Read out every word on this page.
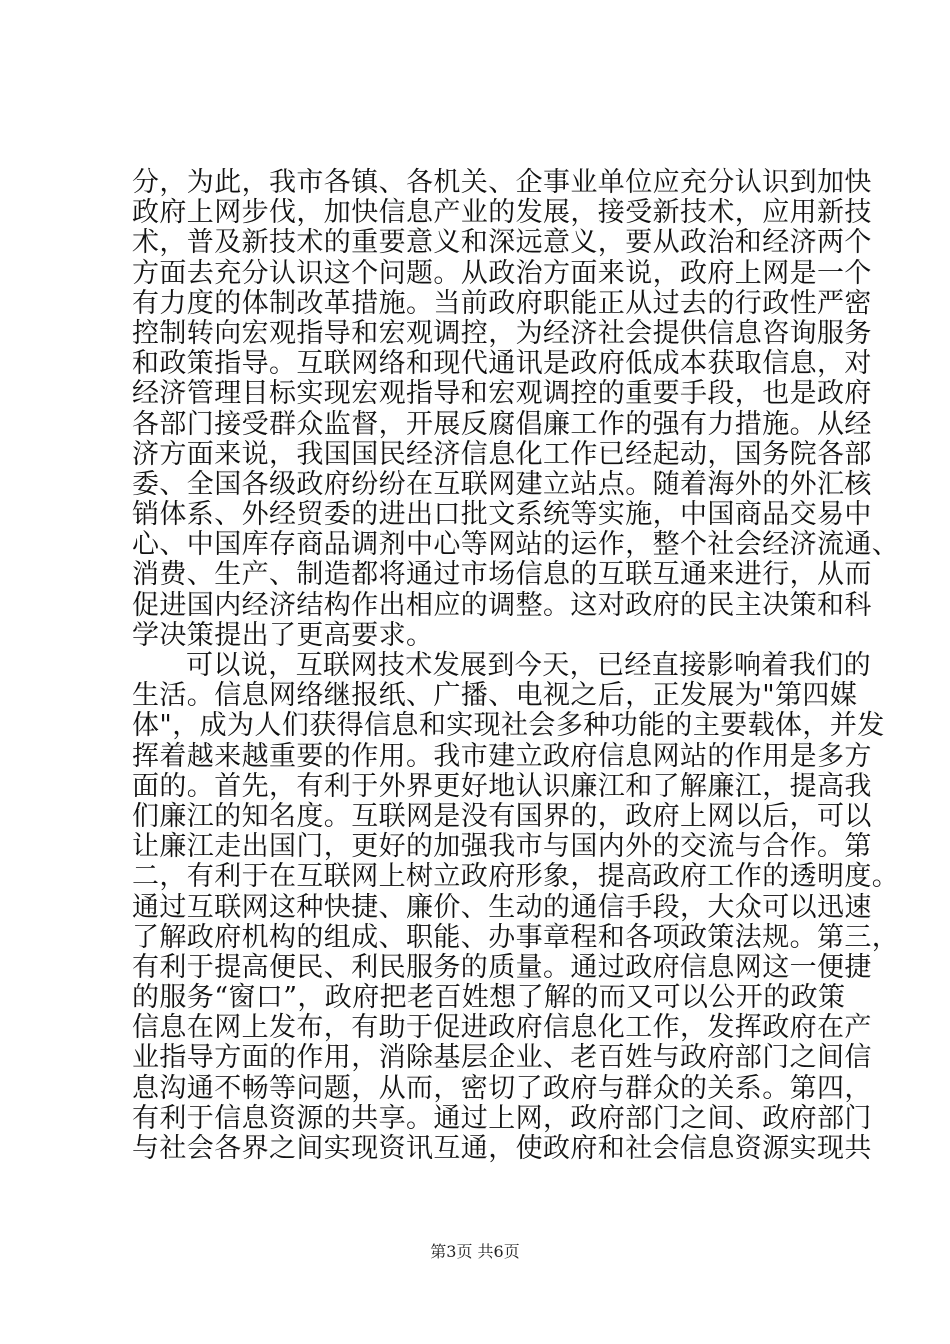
分，为此，我市各镇、各机关、企事业单位应充分认识到加快
政府上网步伐，加快信息产业的发展，接受新技术，应用新技
术，普及新技术的重要意义和深远意义，要从政治和经济两个
方面去充分认识这个问题。从政治方面来说，政府上网是一个
有力度的体制改革措施。当前政府职能正从过去的行政性严密
控制转向宏观指导和宏观调控，为经济社会提供信息咨询服务
和政策指导。互联网络和现代通讯是政府低成本获取信息，对
经济管理目标实现宏观指导和宏观调控的重要手段，也是政府
各部门接受群众监督，开展反腐倡廉工作的强有力措施。从经
济方面来说，我国国民经济信息化工作已经起动，国务院各部
委、全国各级政府纷纷在互联网建立站点。随着海外的外汇核
销体系、外经贸委的进出口批文系统等实施，中国商品交易中
心、中国库存商品调剂中心等网站的运作，整个社会经济流通、
消费、生产、制造都将通过市场信息的互联互通来进行，从而
促进国内经济结构作出相应的调整。这对政府的民主决策和科
学决策提出了更高要求。
可以说，互联网技术发展到今天，已经直接影响着我们的
生活。信息网络继报纸、广播、电视之后，正发展为"第四媒
体"，成为人们获得信息和实现社会多种功能的主要载体，并发
挥着越来越重要的作用。我市建立政府信息网站的作用是多方
面的。首先，有利于外界更好地认识廉江和了解廉江，提高我
们廉江的知名度。互联网是没有国界的，政府上网以后，可以
让廉江走出国门，更好的加强我市与国内外的交流与合作。第
二，有利于在互联网上树立政府形象，提高政府工作的透明度。
通过互联网这种快捷、廉价、生动的通信手段，大众可以迅速
了解政府机构的组成、职能、办事章程和各项政策法规。第三，
有利于提高便民、利民服务的质量。通过政府信息网这一便捷
的服务“窗口”，政府把老百姓想了解的而又可以公开的政策
信息在网上发布，有助于促进政府信息化工作，发挥政府在产
业指导方面的作用，消除基层企业、老百姓与政府部门之间信
息沟通不畅等问题，从而，密切了政府与群众的关系。第四，
有利于信息资源的共享。通过上网，政府部门之间、政府部门
与社会各界之间实现资讯互通，使政府和社会信息资源实现共
第3页 共6页
